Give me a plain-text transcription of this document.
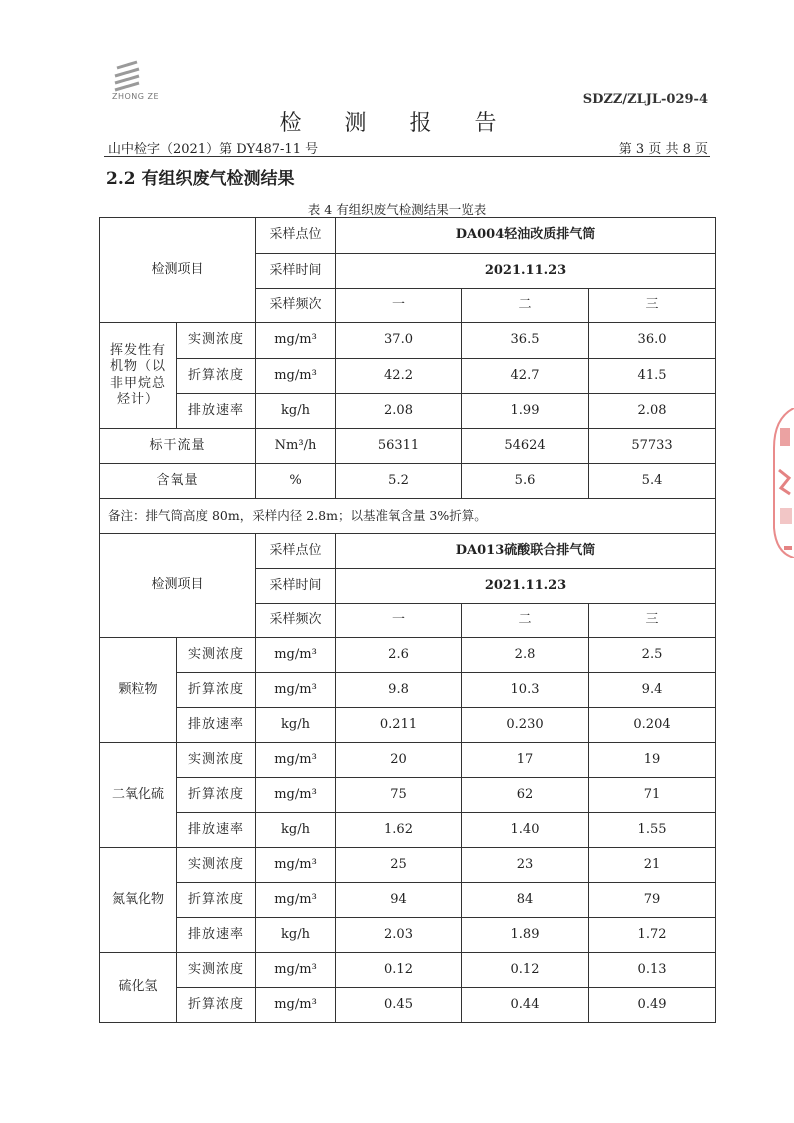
ZHONG ZE	SDZZ/ZLJL-029-4
检 测 报 告
山中检字（2021）第 DY487-11 号	第 3 页 共 8 页
2.2 有组织废气检测结果
表 4 有组织废气检测结果一览表
检测项目		采样点位	DA004轻油改质排气筒		
		采样时间	2021.11.23		
		采样频次	一	二	三
挥发性有机物（以非甲烷总烃计）	实测浓度	mg/m³	37.0	36.5	36.0
	折算浓度	mg/m³	42.2	42.7	41.5
	排放速率	kg/h	2.08	1.99	2.08
标干流量		Nm³/h	56311	54624	57733
含氧量		%	5.2	5.6	5.4
备注：排气筒高度 80m，采样内径 2.8m；以基准氧含量 3%折算。					
检测项目		采样点位	DA013硫酸联合排气筒		
		采样时间	2021.11.23		
		采样频次	一	二	三
颗粒物	实测浓度	mg/m³	2.6	2.8	2.5
	折算浓度	mg/m³	9.8	10.3	9.4
	排放速率	kg/h	0.211	0.230	0.204
二氧化硫	实测浓度	mg/m³	20	17	19
	折算浓度	mg/m³	75	62	71
	排放速率	kg/h	1.62	1.40	1.55
氮氧化物	实测浓度	mg/m³	25	23	21
	折算浓度	mg/m³	94	84	79
	排放速率	kg/h	2.03	1.89	1.72
硫化氢	实测浓度	mg/m³	0.12	0.12	0.13
	折算浓度	mg/m³	0.45	0.44	0.49
